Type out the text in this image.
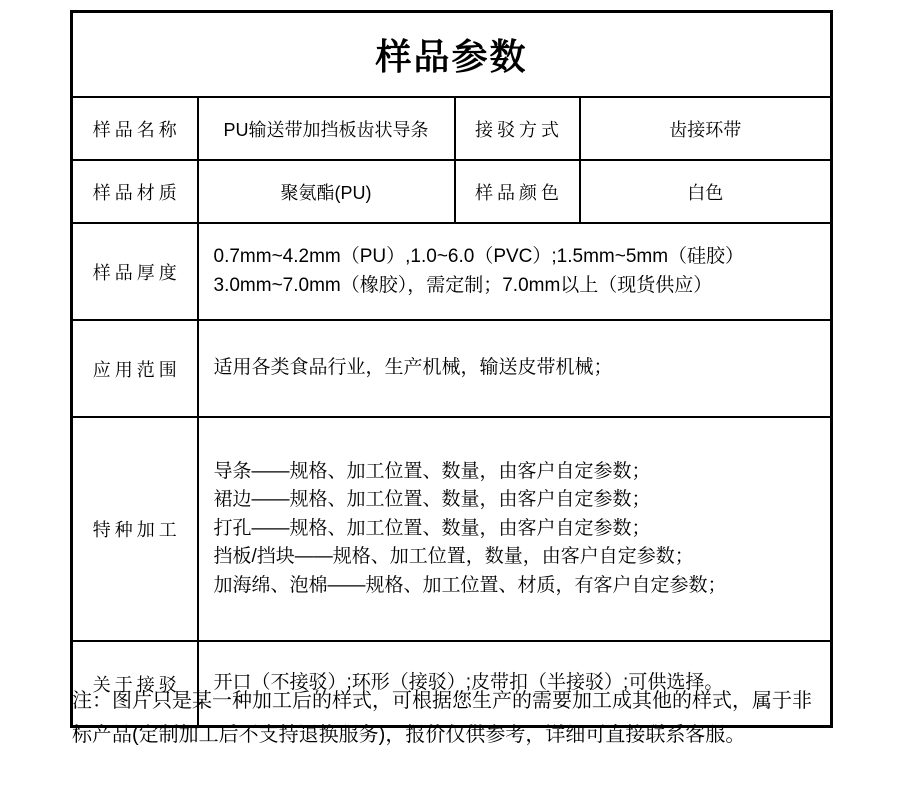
样品参数			
样品名称	PU输送带加挡板齿状导条	接驳方式	齿接环带
样品材质	聚氨酯(PU)	样品颜色	白色
样品厚度	0.7mm~4.2mm（PU）,1.0~6.0（PVC）;1.5mm~5mm（硅胶）
3.0mm~7.0mm（橡胶），需定制；7.0mm以上（现货供应）		

应用范围	适用各类食品行业，生产机械，输送皮带机械；		
特种加工	导条——规格、加工位置、数量，由客户自定参数；
裙边——规格、加工位置、数量，由客户自定参数；
打孔——规格、加工位置、数量，由客户自定参数；
挡板/挡块——规格、加工位置，数量，由客户自定参数；
加海绵、泡棉——规格、加工位置、材质，有客户自定参数；		

关于接驳	开口（不接驳）;环形（接驳）;皮带扣（半接驳）;可供选择。		
注：图片只是某一种加工后的样式，可根据您生产的需要加工成其他的样式，属于非标产品(定制加工后不支持退换服务)，报价仅供参考，详细可直接联系客服。
